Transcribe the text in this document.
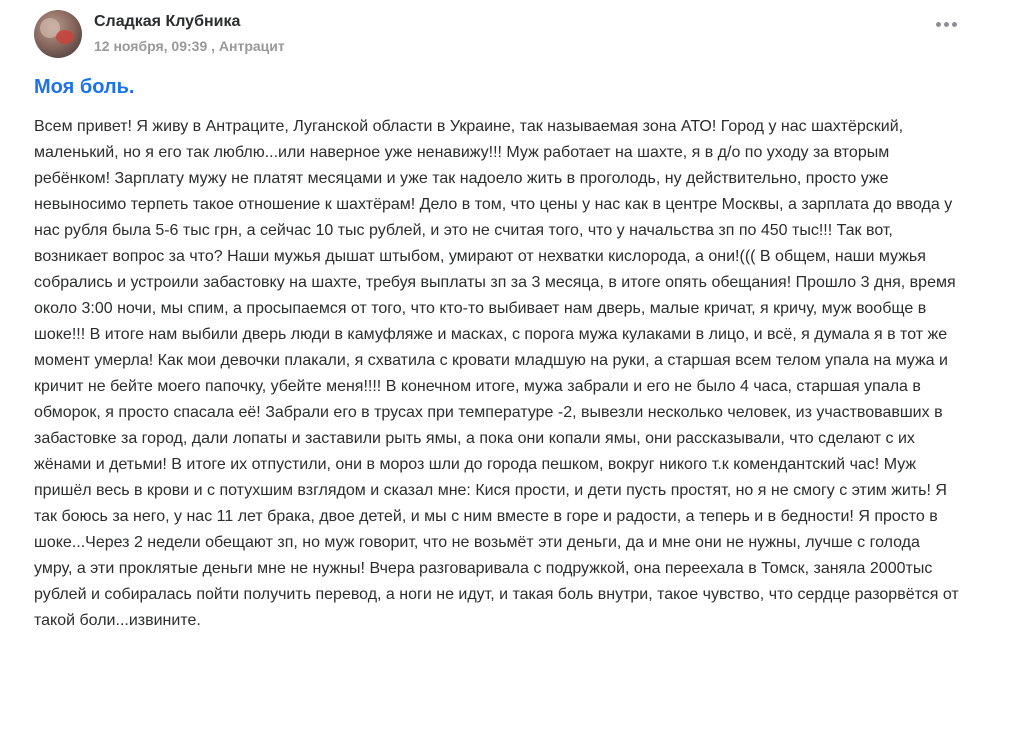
Сладкая Клубника
12 ноября, 09:39 , Антрацит
Моя боль.

Всем привет! Я живу в Антраците, Луганской области в Украине, так называемая зона АТО! Город у нас шахтёрский, маленький, но я его так люблю...или наверное уже ненавижу!!! Муж работает на шахте, я в д/о по уходу за вторым ребёнком! Зарплату мужу не платят месяцами и уже так надоело жить в проголодь, ну действительно, просто уже невыносимо терпеть такое отношение к шахтёрам! Дело в том, что цены у нас как в центре Москвы, а зарплата до ввода у нас рубля была 5-6 тыс грн, а сейчас 10 тыс рублей, и это не считая того, что у начальства зп по 450 тыс!!! Так вот, возникает вопрос за что? Наши мужья дышат штыбом, умирают от нехватки кислорода, а они!((( В общем, наши мужья собрались и устроили забастовку на шахте, требуя выплаты зп за 3 месяца, в итоге опять обещания! Прошло 3 дня, время около 3:00 ночи, мы спим, а просыпаемся от того, что кто-то выбивает нам дверь, малые кричат, я кричу, муж вообще в шоке!!! В итоге нам выбили дверь люди в камуфляже и масках, с порога мужа кулаками в лицо, и всё, я думала я в тот же момент умерла! Как мои девочки плакали, я схватила с кровати младшую на руки, а старшая всем телом упала на мужа и кричит не бейте моего папочку, убейте меня!!!! В конечном итоге, мужа забрали и его не было 4 часа, старшая упала в обморок, я просто спасала её! Забрали его в трусах при температуре -2, вывезли несколько человек, из участвовавших в забастовке за город, дали лопаты и заставили рыть ямы, а пока они копали ямы, они рассказывали, что сделают с их жёнами и детьми! В итоге их отпустили, они в мороз шли до города пешком, вокруг никого т.к комендантский час! Муж пришёл весь в крови и с потухшим взглядом и сказал мне: Кися прости, и дети пусть простят, но я не смогу с этим жить! Я так боюсь за него, у нас 11 лет брака, двое детей, и мы с ним вместе в горе и радости, а теперь и в бедности! Я просто в шоке...Через 2 недели обещают зп, но муж говорит, что не возьмёт эти деньги, да и мне они не нужны, лучше с голода умру, а эти проклятые деньги мне не нужны! Вчера разговаривала с подружкой, она переехала в Томск, заняла 2000тыс рублей и собиралась пойти получить перевод, а ноги не идут, и такая боль внутри, такое чувство, что сердце разорвётся от такой боли...извините.
